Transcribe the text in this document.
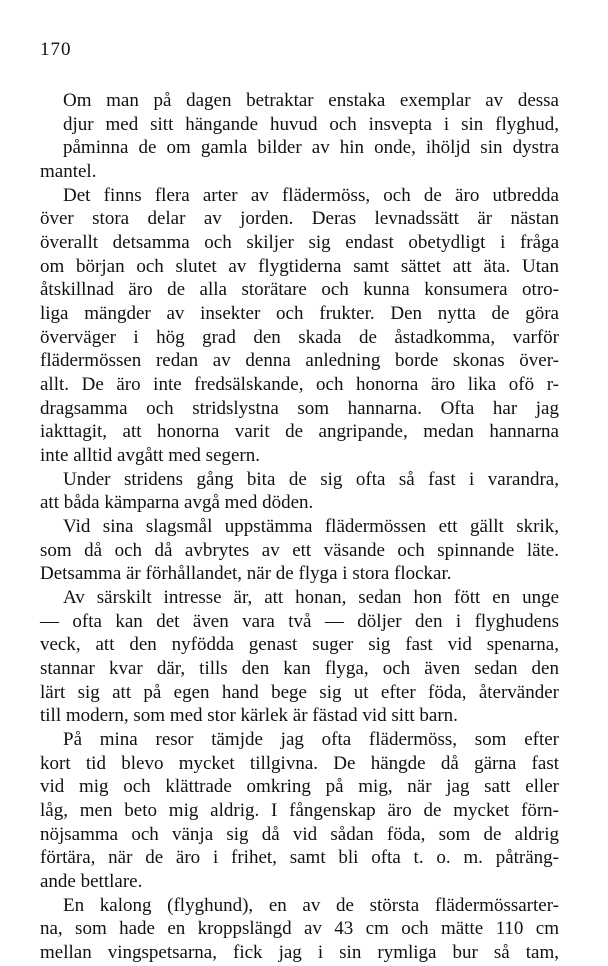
170
Om man på dagen betraktar enstaka exemplar av dessa
djur med sitt hängande huvud och insvepta i sin flyghud,
påminna de om gamla bilder av hin onde, ihöljd sin dystra
mantel.
Det finns flera arter av flädermöss, och de äro utbredda
över stora delar av jorden. Deras levnadssätt är nästan
överallt detsamma och skiljer sig endast obetydligt i fråga
om början och slutet av flygtiderna samt sättet att äta. Utan
åtskillnad äro de alla storätare och kunna konsumera otro-
liga mängder av insekter och frukter. Den nytta de göra
överväger i hög grad den skada de åstadkomma, varför
flädermössen redan av denna anledning borde skonas över-
allt. De äro inte fredsälskande, och honorna äro lika ofö r-
dragsamma och stridslystna som hannarna. Ofta har jag
iakttagit, att honorna varit de angripande, medan hannarna
inte alltid avgått med segern.
Under stridens gång bita de sig ofta så fast i varandra,
att båda kämparna avgå med döden.
Vid sina slagsmål uppstämma flädermössen ett gällt skrik,
som då och då avbrytes av ett väsande och spinnande läte.
Detsamma är förhållandet, när de flyga i stora flockar.
Av särskilt intresse är, att honan, sedan hon fött en unge
— ofta kan det även vara två — döljer den i flyghudens
veck, att den nyfödda genast suger sig fast vid spenarna,
stannar kvar där, tills den kan flyga, och även sedan den
lärt sig att på egen hand bege sig ut efter föda, återvänder
till modern, som med stor kärlek är fästad vid sitt barn.
På mina resor tämjde jag ofta flädermöss, som efter
kort tid blevo mycket tillgivna. De hängde då gärna fast
vid mig och klättrade omkring på mig, när jag satt eller
låg, men beto mig aldrig. I fångenskap äro de mycket förn-
nöjsamma och vänja sig då vid sådan föda, som de aldrig
förtära, när de äro i frihet, samt bli ofta t. o. m. påträng-
ande bettlare.
En kalong (flyghund), en av de största flädermössarter-
na, som hade en kroppslängd av 43 cm och mätte 110 cm
mellan vingspetsarna, fick jag i sin rymliga bur så tam,
